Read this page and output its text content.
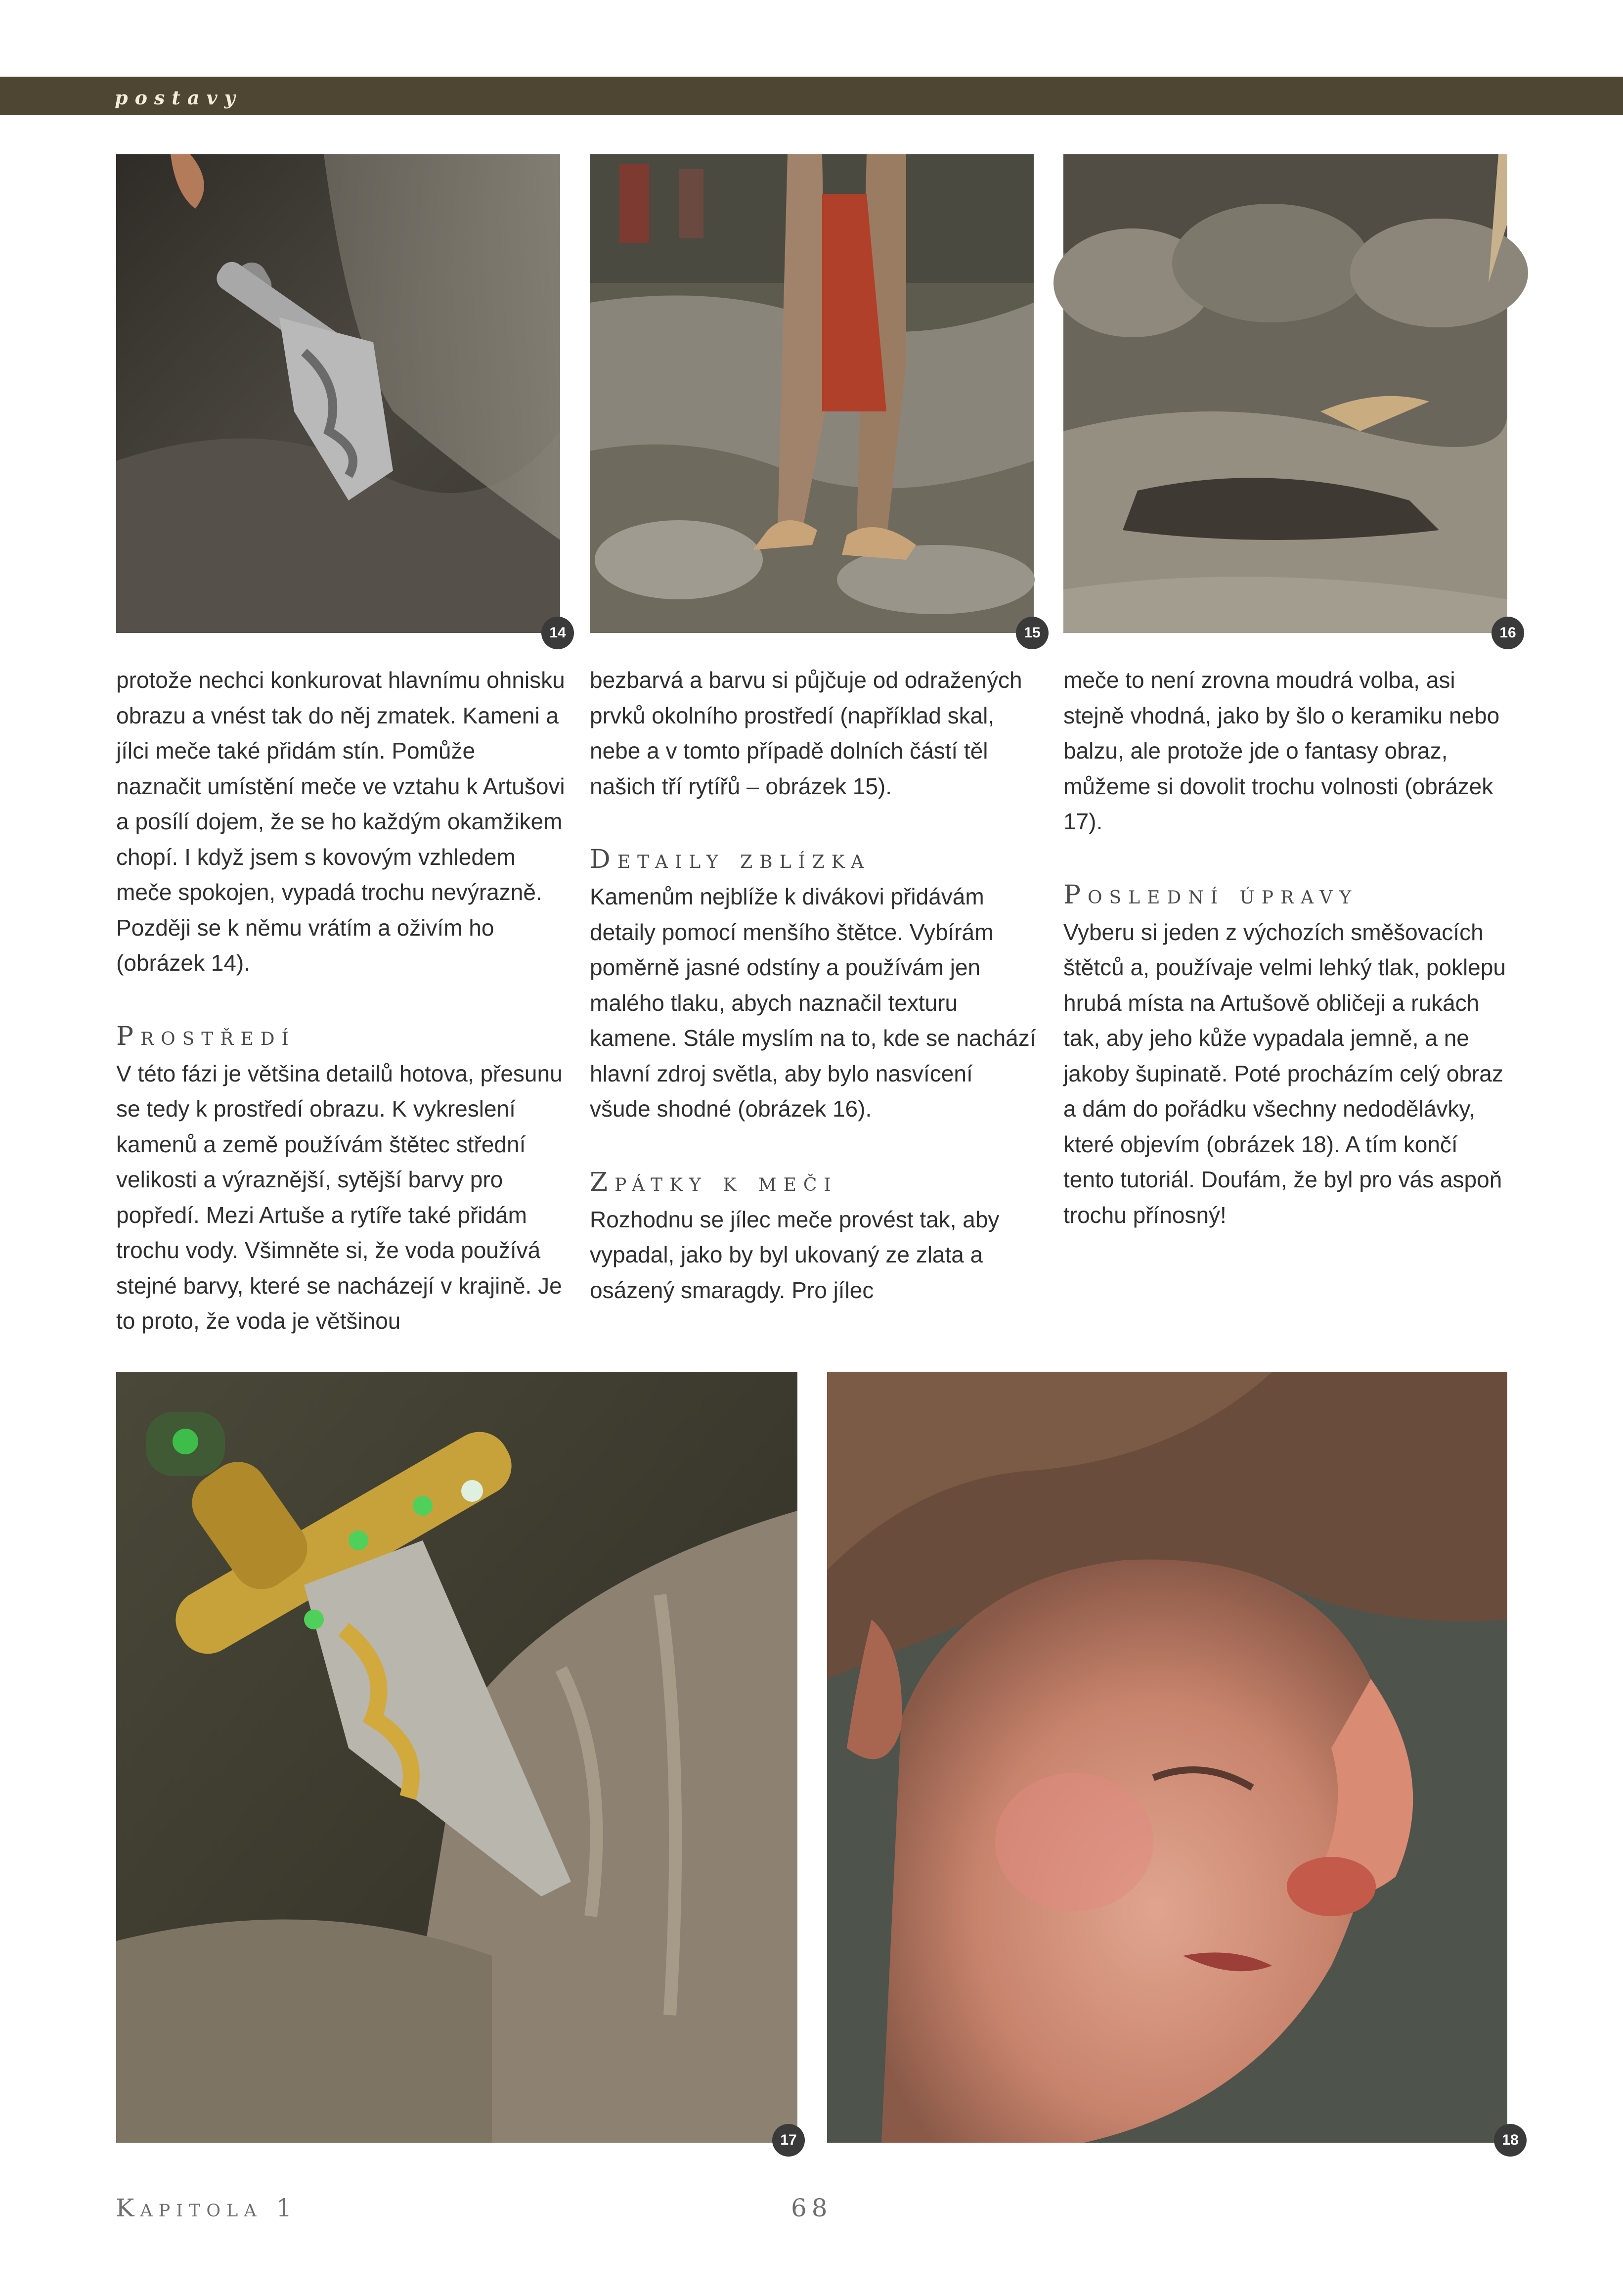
postavy
14	15	16

protože nechci konkurovat hlavnímu ohnisku obrazu a vnést tak do něj zmatek. Kameni a jílci meče také přidám stín. Pomůže naznačit umístění meče ve vztahu k Artušovi a posílí dojem, že se ho každým okamžikem chopí. I když jsem s kovovým vzhledem meče spokojen, vypadá trochu nevýrazně. Později se k němu vrátím a oživím ho (obrázek 14).

Prostředí

V této fázi je většina detailů hotova, přesunu se tedy k prostředí obrazu. K vykreslení kamenů a země používám štětec střední velikosti a výraznější, sytější barvy pro popředí. Mezi Artuše a rytíře také přidám trochu vody. Všimněte si, že voda používá stejné barvy, které se nacházejí v krajině. Je to proto, že voda je většinou

bezbarvá a barvu si půjčuje od odražených prvků okolního prostředí (například skal, nebe a v tomto případě dolních částí těl našich tří rytířů – obrázek 15).

Detaily zblízka

Kamenům nejblíže k divákovi přidávám detaily pomocí menšího štětce. Vybírám poměrně jasné odstíny a používám jen malého tlaku, abych naznačil texturu kamene. Stále myslím na to, kde se nachází hlavní zdroj světla, aby bylo nasvícení všude shodné (obrázek 16).

Zpátky k meči

Rozhodnu se jílec meče provést tak, aby vypadal, jako by byl ukovaný ze zlata a osázený smaragdy. Pro jílec

meče to není zrovna moudrá volba, asi stejně vhodná, jako by šlo o keramiku nebo balzu, ale protože jde o fantasy obraz, můžeme si dovolit trochu volnosti (obrázek 17).

Poslední úpravy

Vyberu si jeden z výchozích směšovacích štětců a, používaje velmi lehký tlak, poklepu hrubá místa na Artušově obličeji a rukách tak, aby jeho kůže vypadala jemně, a ne jakoby šupinatě. Poté procházím celý obraz a dám do pořádku všechny nedodělávky, které objevím (obrázek 18). A tím končí tento tutoriál. Doufám, že byl pro vás aspoň trochu přínosný!

17	18
Kapitola 1	68
